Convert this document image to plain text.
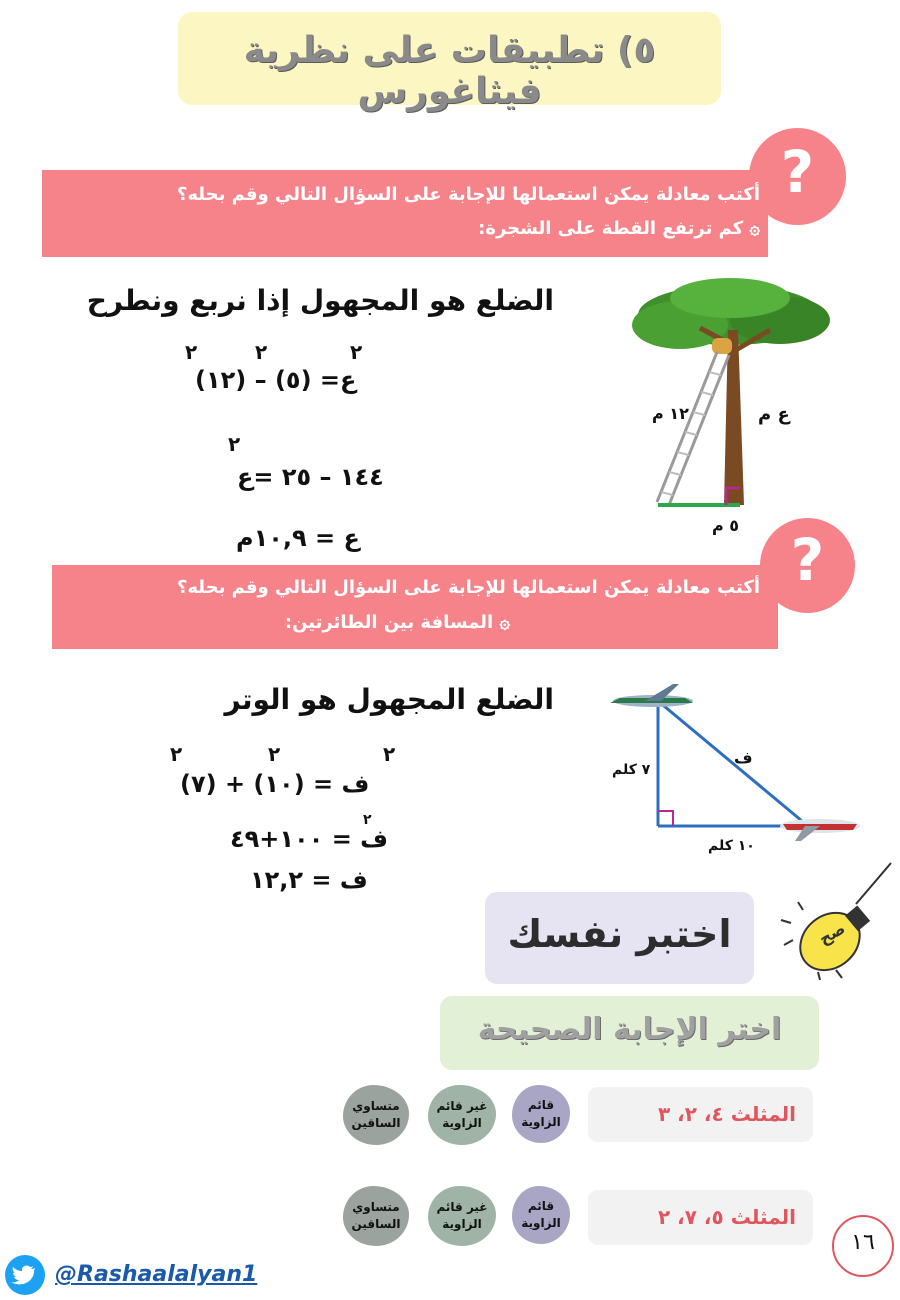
٥) تطبيقات على نظرية فيثاغورس
?
أكتب معادلة يمكن استعمالها للإجابة على السؤال التالي وقم بحله؟
۞ كم ترتفع القطة على الشجرة:
الضلع هو المجهول إذا نربع ونطرح
(١٢) – (٥) =ع
٢	٢	٢
٢
١٤٤ – ٢٥ =ع
ع = ١٠,٩م
١٢ م	ع م
٥ م
?
أكتب معادلة يمكن استعمالها للإجابة على السؤال التالي وقم بحله؟
۞ المسافة بين الطائرتين:
الضلع المجهول هو الوتر
٢	٢	٢
ف = (١٠) + (٧)
٢
ف = ١٠٠+٤٩
ف = ١٢,٢
ف
٧ كلم
١٠ كلم
اختبر نفسك	صح
اختر الإجابة الصحيحة
المثلث ٤، ٢، ٣
قائم الزاوية
غير قائم الزاوية
متساوي الساقين
المثلث ٥، ٧، ٢
قائم الزاوية
غير قائم الزاوية
متساوي الساقين
١٦
@Rashaalalyan1
